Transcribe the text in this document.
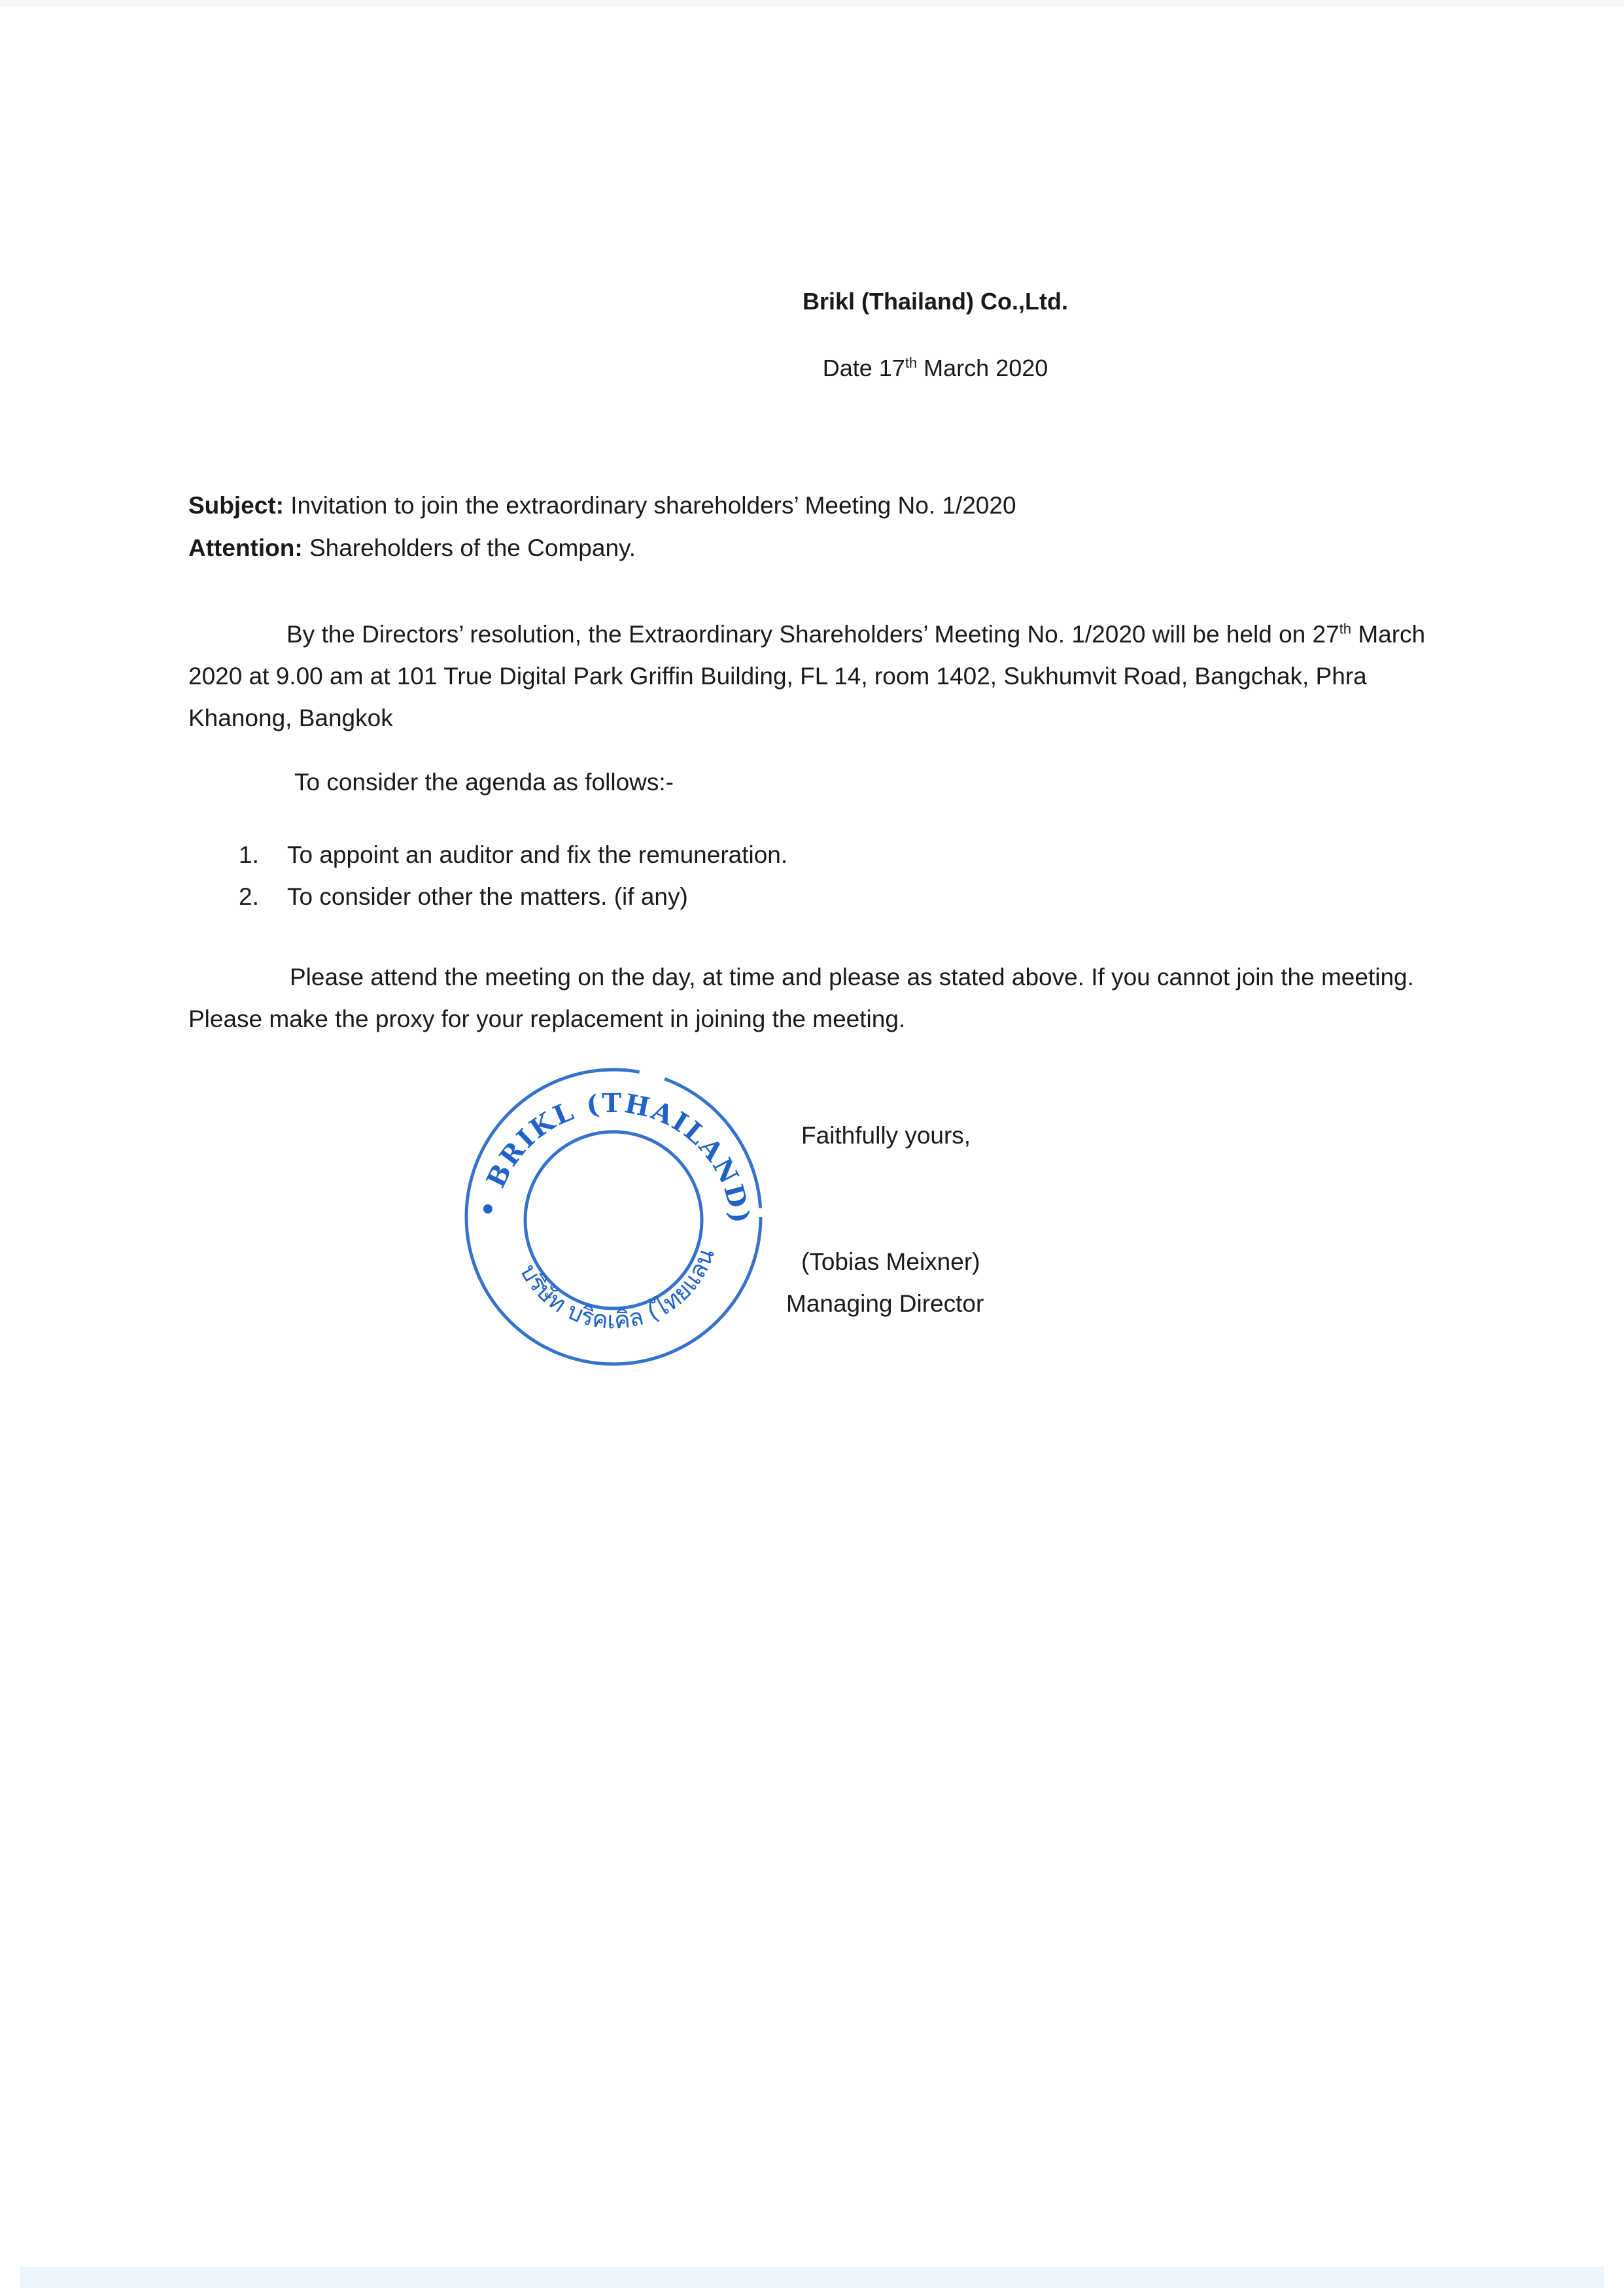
Brikl (Thailand) Co.,Ltd.
Date 17th March 2020
Subject: Invitation to join the extraordinary shareholders’ Meeting No. 1/2020
Attention: Shareholders of the Company.
By the Directors’ resolution, the Extraordinary Shareholders’ Meeting No. 1/2020 will be held on 27th March 2020 at 9.00 am at 101 True Digital Park Griffin Building, FL 14, room 1402, Sukhumvit Road, Bangchak, Phra Khanong, Bangkok
To consider the agenda as follows:-
1. To appoint an auditor and fix the remuneration.
2. To consider other the matters. (if any)
Please attend the meeting on the day, at time and please as stated above. If you cannot join the meeting. Please make the proxy for your replacement in joining the meeting.
• BRIKL (THAILAND)
บริษัท บริคเคิล (ไทยแลน
Faithfully yours,
(Tobias Meixner)
Managing Director
